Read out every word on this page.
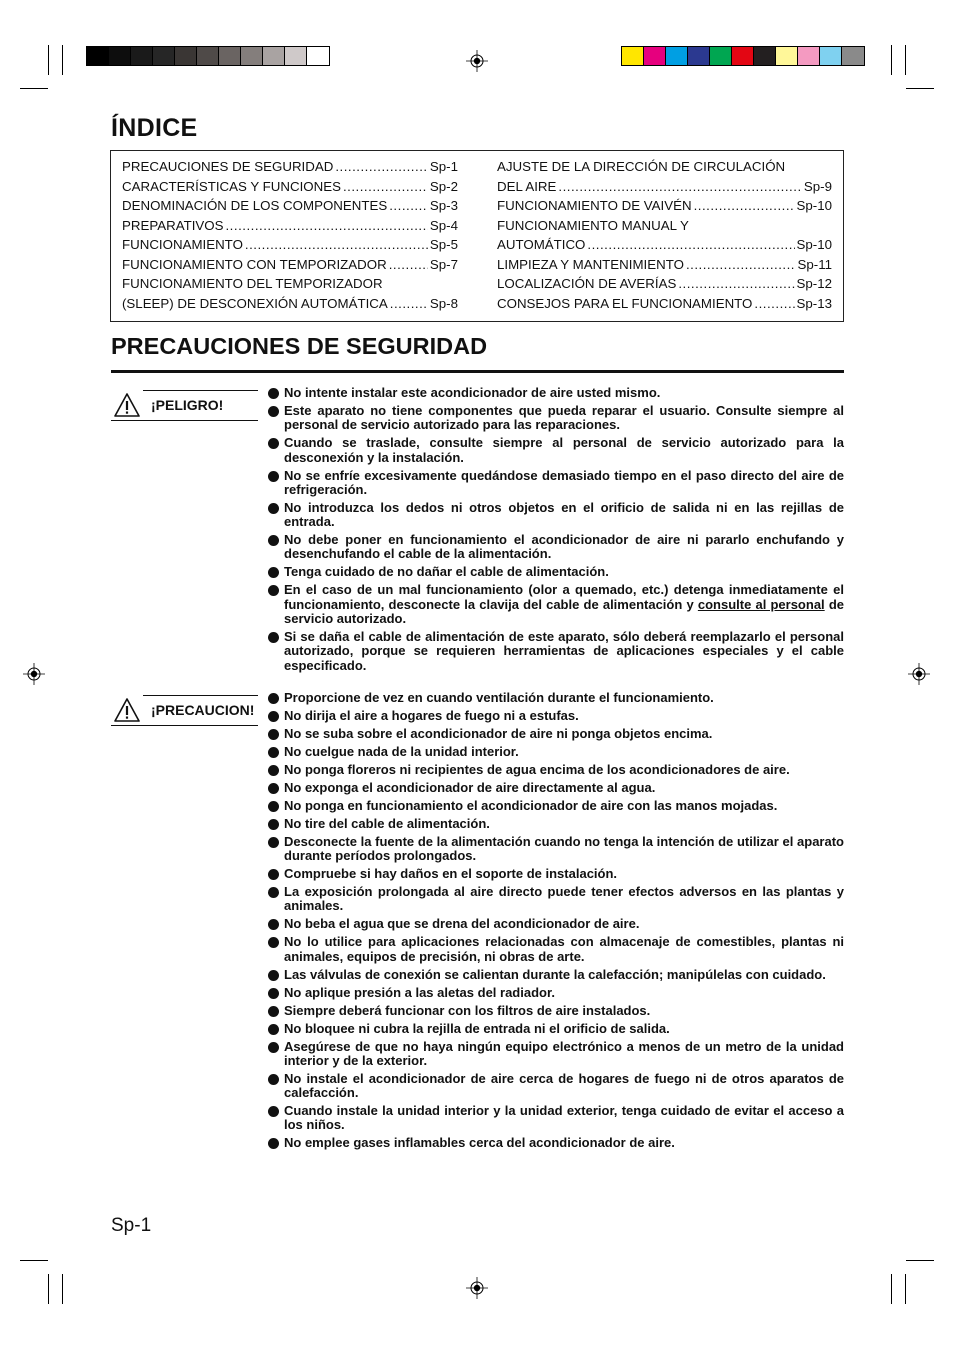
ÍNDICE
PRECAUCIONES DE SEGURIDAD .....	Sp-1
CARACTERÍSTICAS Y FUNCIONES .....	Sp-2
DENOMINACIÓN DE LOS COMPONENTES .....	Sp-3
PREPARATIVOS .....	Sp-4
FUNCIONAMIENTO .....	Sp-5
FUNCIONAMIENTO CON TEMPORIZADOR .....	Sp-7
FUNCIONAMIENTO DEL TEMPORIZADOR
(SLEEP) DE DESCONEXIÓN AUTOMÁTICA .....	Sp-8
AJUSTE DE LA DIRECCIÓN DE CIRCULACIÓN
DEL AIRE .....	Sp-9
FUNCIONAMIENTO DE VAIVÉN .....	Sp-10
FUNCIONAMIENTO MANUAL Y
AUTOMÁTICO .....	Sp-10
LIMPIEZA Y MANTENIMIENTO .....	Sp-11
LOCALIZACIÓN DE AVERÍAS .....	Sp-12
CONSEJOS PARA EL FUNCIONAMIENTO .....	Sp-13
PRECAUCIONES DE SEGURIDAD
¡PELIGRO!
No intente instalar este acondicionador de aire usted mismo.
Este aparato no tiene componentes que pueda reparar el usuario. Consulte siempre al personal de servicio autorizado para las reparaciones.
Cuando se traslade, consulte siempre al personal de servicio autorizado para la desconexión y la instalación.
No se enfríe excesivamente quedándose demasiado tiempo en el paso directo del aire de refrigeración.
No introduzca los dedos ni otros objetos en el orificio de salida ni en las rejillas de entrada.
No debe poner en funcionamiento el acondicionador de aire ni pararlo enchufando y desenchufando el cable de la alimentación.
Tenga cuidado de no dañar el cable de alimentación.
En el caso de un mal funcionamiento (olor a quemado, etc.) detenga inmediatamente el funcionamiento, desconecte la clavija del cable de alimentación y consulte al personal de servicio autorizado.
Si se daña el cable de alimentación de este aparato, sólo deberá reemplazarlo el personal autorizado, porque se requieren herramientas de aplicaciones especiales y el cable especificado.
¡PRECAUCION!
Proporcione de vez en cuando ventilación durante el funcionamiento.
No dirija el aire a hogares de fuego ni a estufas.
No se suba sobre el acondicionador de aire ni ponga objetos encima.
No cuelgue nada de la unidad interior.
No ponga floreros ni recipientes de agua encima de los acondicionadores de aire.
No exponga el acondicionador de aire directamente al agua.
No ponga en funcionamiento el acondicionador de aire con las manos mojadas.
No tire del cable de alimentación.
Desconecte la fuente de la alimentación cuando no tenga la intención de utilizar el aparato durante períodos prolongados.
Compruebe si hay daños en el soporte de instalación.
La exposición prolongada al aire directo puede tener efectos adversos en las plantas y animales.
No beba el agua que se drena del acondicionador de aire.
No lo utilice para aplicaciones relacionadas con almacenaje de comestibles, plantas ni animales, equipos de precisión, ni obras de arte.
Las válvulas de conexión se calientan durante la calefacción; manipúlelas con cuidado.
No aplique presión a las aletas del radiador.
Siempre deberá funcionar con los filtros de aire instalados.
No bloquee ni cubra la rejilla de entrada ni el orificio de salida.
Asegúrese de que no haya ningún equipo electrónico a menos de un metro de la unidad interior y de la exterior.
No instale el acondicionador de aire cerca de hogares de fuego ni de otros aparatos de calefacción.
Cuando instale la unidad interior y la unidad exterior, tenga cuidado de evitar el acceso a los niños.
No emplee gases inflamables cerca del acondicionador de aire.
Sp-1
